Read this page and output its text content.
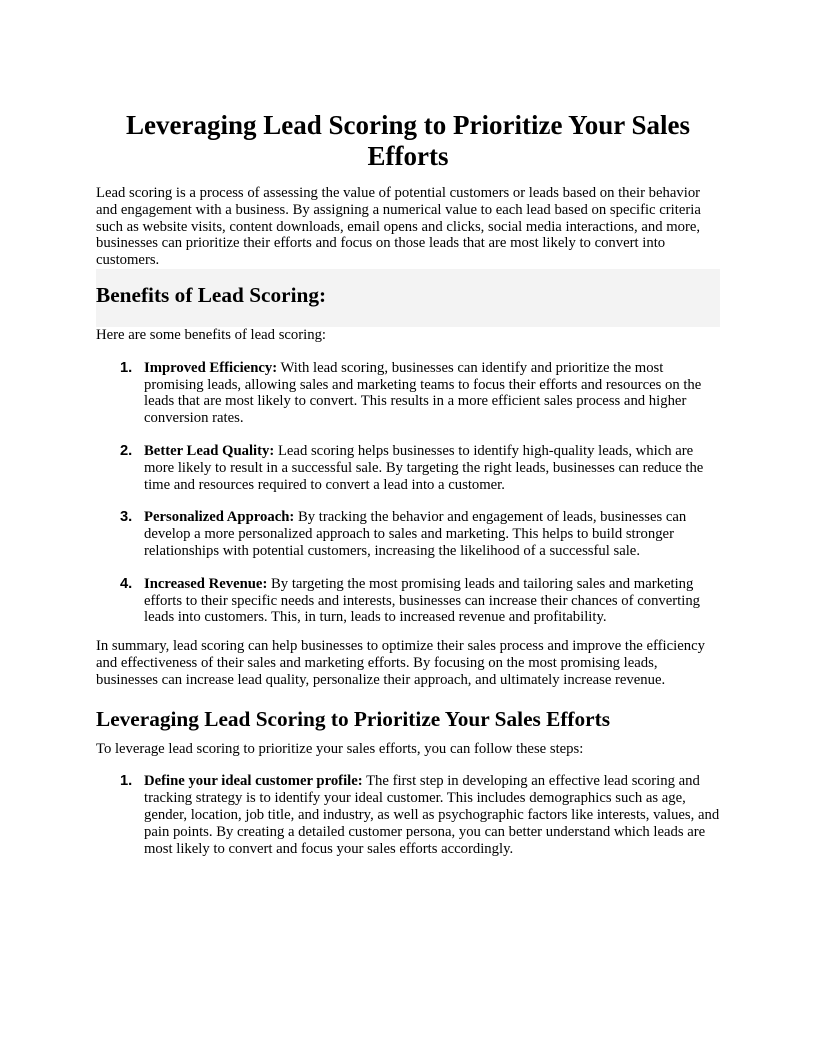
Leveraging Lead Scoring to Prioritize Your Sales Efforts

Lead scoring is a process of assessing the value of potential customers or leads based on their behavior and engagement with a business. By assigning a numerical value to each lead based on specific criteria such as website visits, content downloads, email opens and clicks, social media interactions, and more, businesses can prioritize their efforts and focus on those leads that are most likely to convert into customers.

Benefits of Lead Scoring:

Here are some benefits of lead scoring:

1. Improved Efficiency: With lead scoring, businesses can identify and prioritize the most promising leads, allowing sales and marketing teams to focus their efforts and resources on the leads that are most likely to convert. This results in a more efficient sales process and higher conversion rates.

2. Better Lead Quality: Lead scoring helps businesses to identify high-quality leads, which are more likely to result in a successful sale. By targeting the right leads, businesses can reduce the time and resources required to convert a lead into a customer.

3. Personalized Approach: By tracking the behavior and engagement of leads, businesses can develop a more personalized approach to sales and marketing. This helps to build stronger relationships with potential customers, increasing the likelihood of a successful sale.

4. Increased Revenue: By targeting the most promising leads and tailoring sales and marketing efforts to their specific needs and interests, businesses can increase their chances of converting leads into customers. This, in turn, leads to increased revenue and profitability.

In summary, lead scoring can help businesses to optimize their sales process and improve the efficiency and effectiveness of their sales and marketing efforts. By focusing on the most promising leads, businesses can increase lead quality, personalize their approach, and ultimately increase revenue.

Leveraging Lead Scoring to Prioritize Your Sales Efforts

To leverage lead scoring to prioritize your sales efforts, you can follow these steps:

1. Define your ideal customer profile: The first step in developing an effective lead scoring and tracking strategy is to identify your ideal customer. This includes demographics such as age, gender, location, job title, and industry, as well as psychographic factors like interests, values, and pain points. By creating a detailed customer persona, you can better understand which leads are most likely to convert and focus your sales efforts accordingly.
